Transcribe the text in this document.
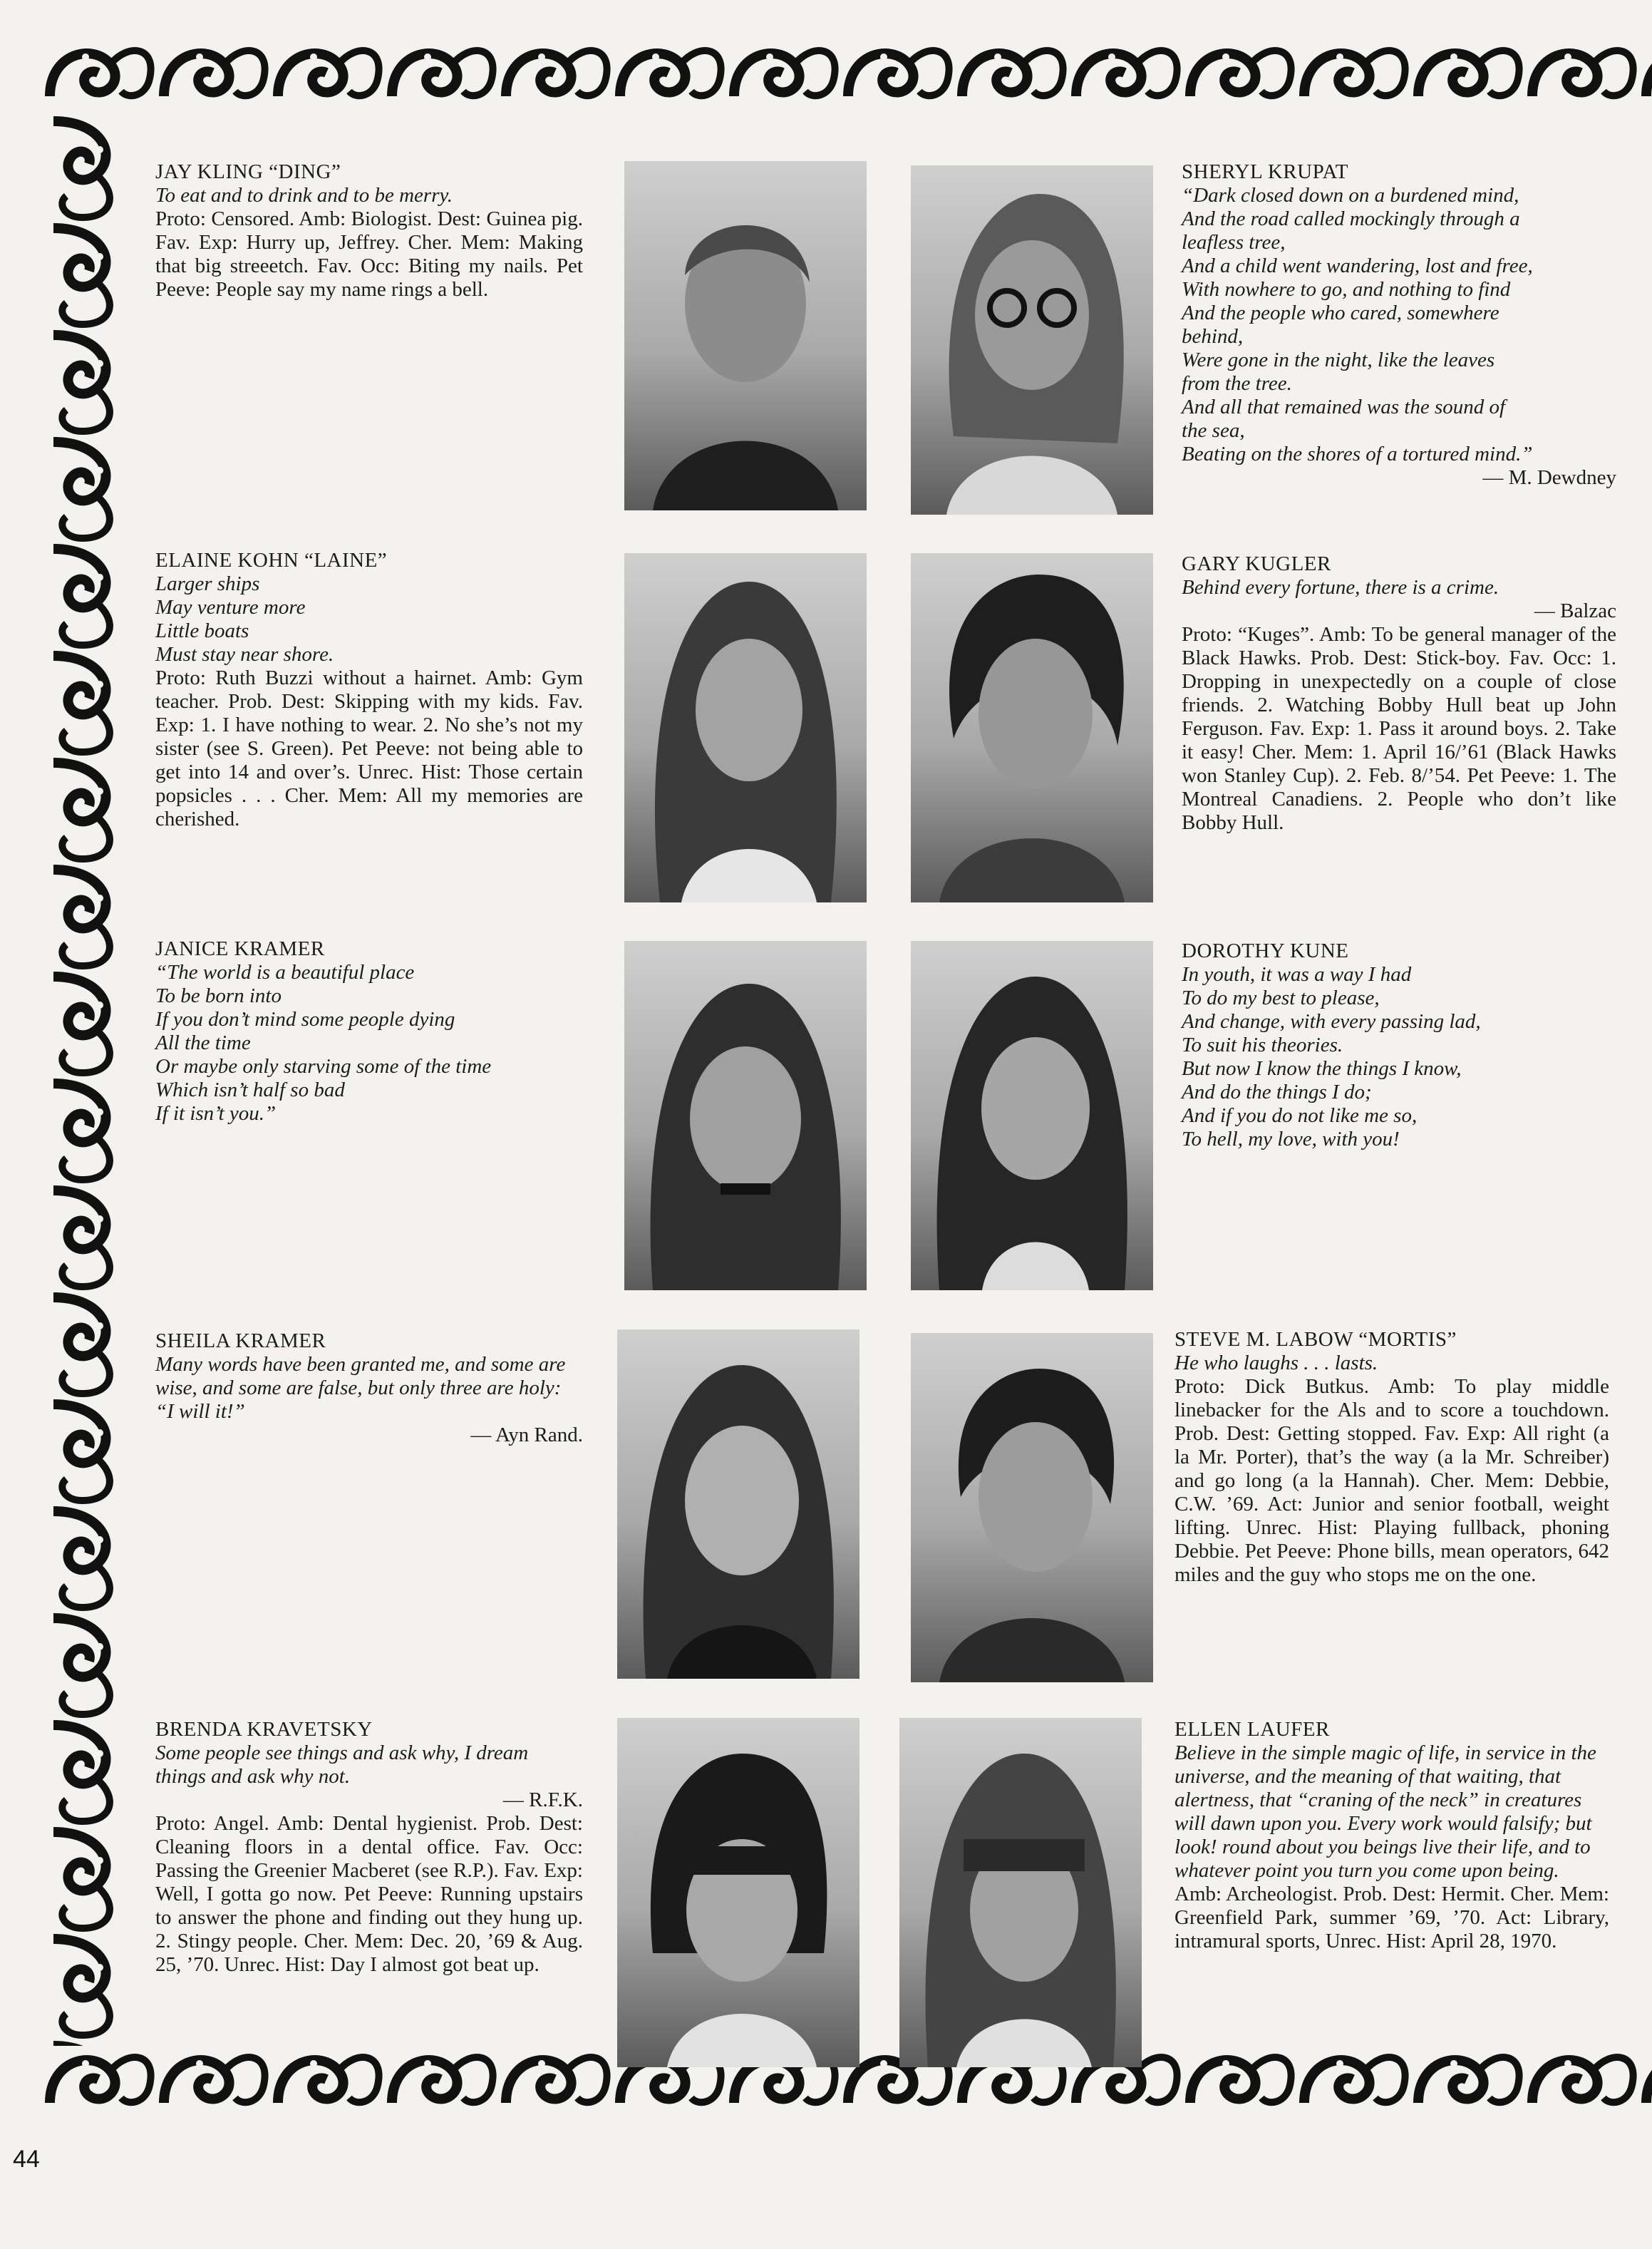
44
JAY KLING “DING”
To eat and to drink and to be merry.
Proto: Censored. Amb: Biologist. Dest: Guinea pig. Fav. Exp: Hurry up, Jeffrey. Cher. Mem: Making that big streeetch. Fav. Occ: Biting my nails. Pet Peeve: People say my name rings a bell.
SHERYL KRUPAT
“Dark closed down on a burdened mind,
And the road called mockingly through a
leafless tree,
And a child went wandering, lost and free,
With nowhere to go, and nothing to find
And the people who cared, somewhere
behind,
Were gone in the night, like the leaves
from the tree.
And all that remained was the sound of
the sea,
Beating on the shores of a tortured mind.”
— M. Dewdney
ELAINE KOHN “LAINE”
Larger ships
May venture more
Little boats
Must stay near shore.
Proto: Ruth Buzzi without a hairnet. Amb: Gym teacher. Prob. Dest: Skipping with my kids. Fav. Exp: 1. I have nothing to wear. 2. No she’s not my sister (see S. Green). Pet Peeve: not being able to get into 14 and over’s. Unrec. Hist: Those certain popsicles . . . Cher. Mem: All my memories are cherished.
GARY KUGLER
Behind every fortune, there is a crime.
— Balzac
Proto: “Kuges”. Amb: To be general manager of the Black Hawks. Prob. Dest: Stick-boy. Fav. Occ: 1. Dropping in unexpectedly on a couple of close friends. 2. Watching Bobby Hull beat up John Ferguson. Fav. Exp: 1. Pass it around boys. 2. Take it easy! Cher. Mem: 1. April 16/’61 (Black Hawks won Stanley Cup). 2. Feb. 8/’54. Pet Peeve: 1. The Montreal Canadiens. 2. People who don’t like Bobby Hull.
JANICE KRAMER
“The world is a beautiful place
To be born into
If you don’t mind some people dying
All the time
Or maybe only starving some of the time
Which isn’t half so bad
If it isn’t you.”
DOROTHY KUNE
In youth, it was a way I had
To do my best to please,
And change, with every passing lad,
To suit his theories.
But now I know the things I know,
And do the things I do;
And if you do not like me so,
To hell, my love, with you!
SHEILA KRAMER
Many words have been granted me, and some are wise, and some are false, but only three are holy: “I will it!”
— Ayn Rand.
STEVE M. LABOW “MORTIS”
He who laughs . . . lasts.
Proto: Dick Butkus. Amb: To play middle linebacker for the Als and to score a touchdown. Prob. Dest: Getting stopped. Fav. Exp: All right (a la Mr. Porter), that’s the way (a la Mr. Schreiber) and go long (a la Hannah). Cher. Mem: Debbie, C.W. ’69. Act: Junior and senior football, weight lifting. Unrec. Hist: Playing fullback, phoning Debbie. Pet Peeve: Phone bills, mean operators, 642 miles and the guy who stops me on the one.
BRENDA KRAVETSKY
Some people see things and ask why, I dream things and ask why not.
— R.F.K.
Proto: Angel. Amb: Dental hygienist. Prob. Dest: Cleaning floors in a dental office. Fav. Occ: Passing the Greenier Macberet (see R.P.). Fav. Exp: Well, I gotta go now. Pet Peeve: Running upstairs to answer the phone and finding out they hung up. 2. Stingy people. Cher. Mem: Dec. 20, ’69 & Aug. 25, ’70. Unrec. Hist: Day I almost got beat up.
ELLEN LAUFER
Believe in the simple magic of life, in service in the universe, and the meaning of that waiting, that alertness, that “craning of the neck” in creatures will dawn upon you. Every work would falsify; but look! round about you beings live their life, and to whatever point you turn you come upon being.
Amb: Archeologist. Prob. Dest: Hermit. Cher. Mem: Greenfield Park, summer ’69, ’70. Act: Library, intramural sports, Unrec. Hist: April 28, 1970.
